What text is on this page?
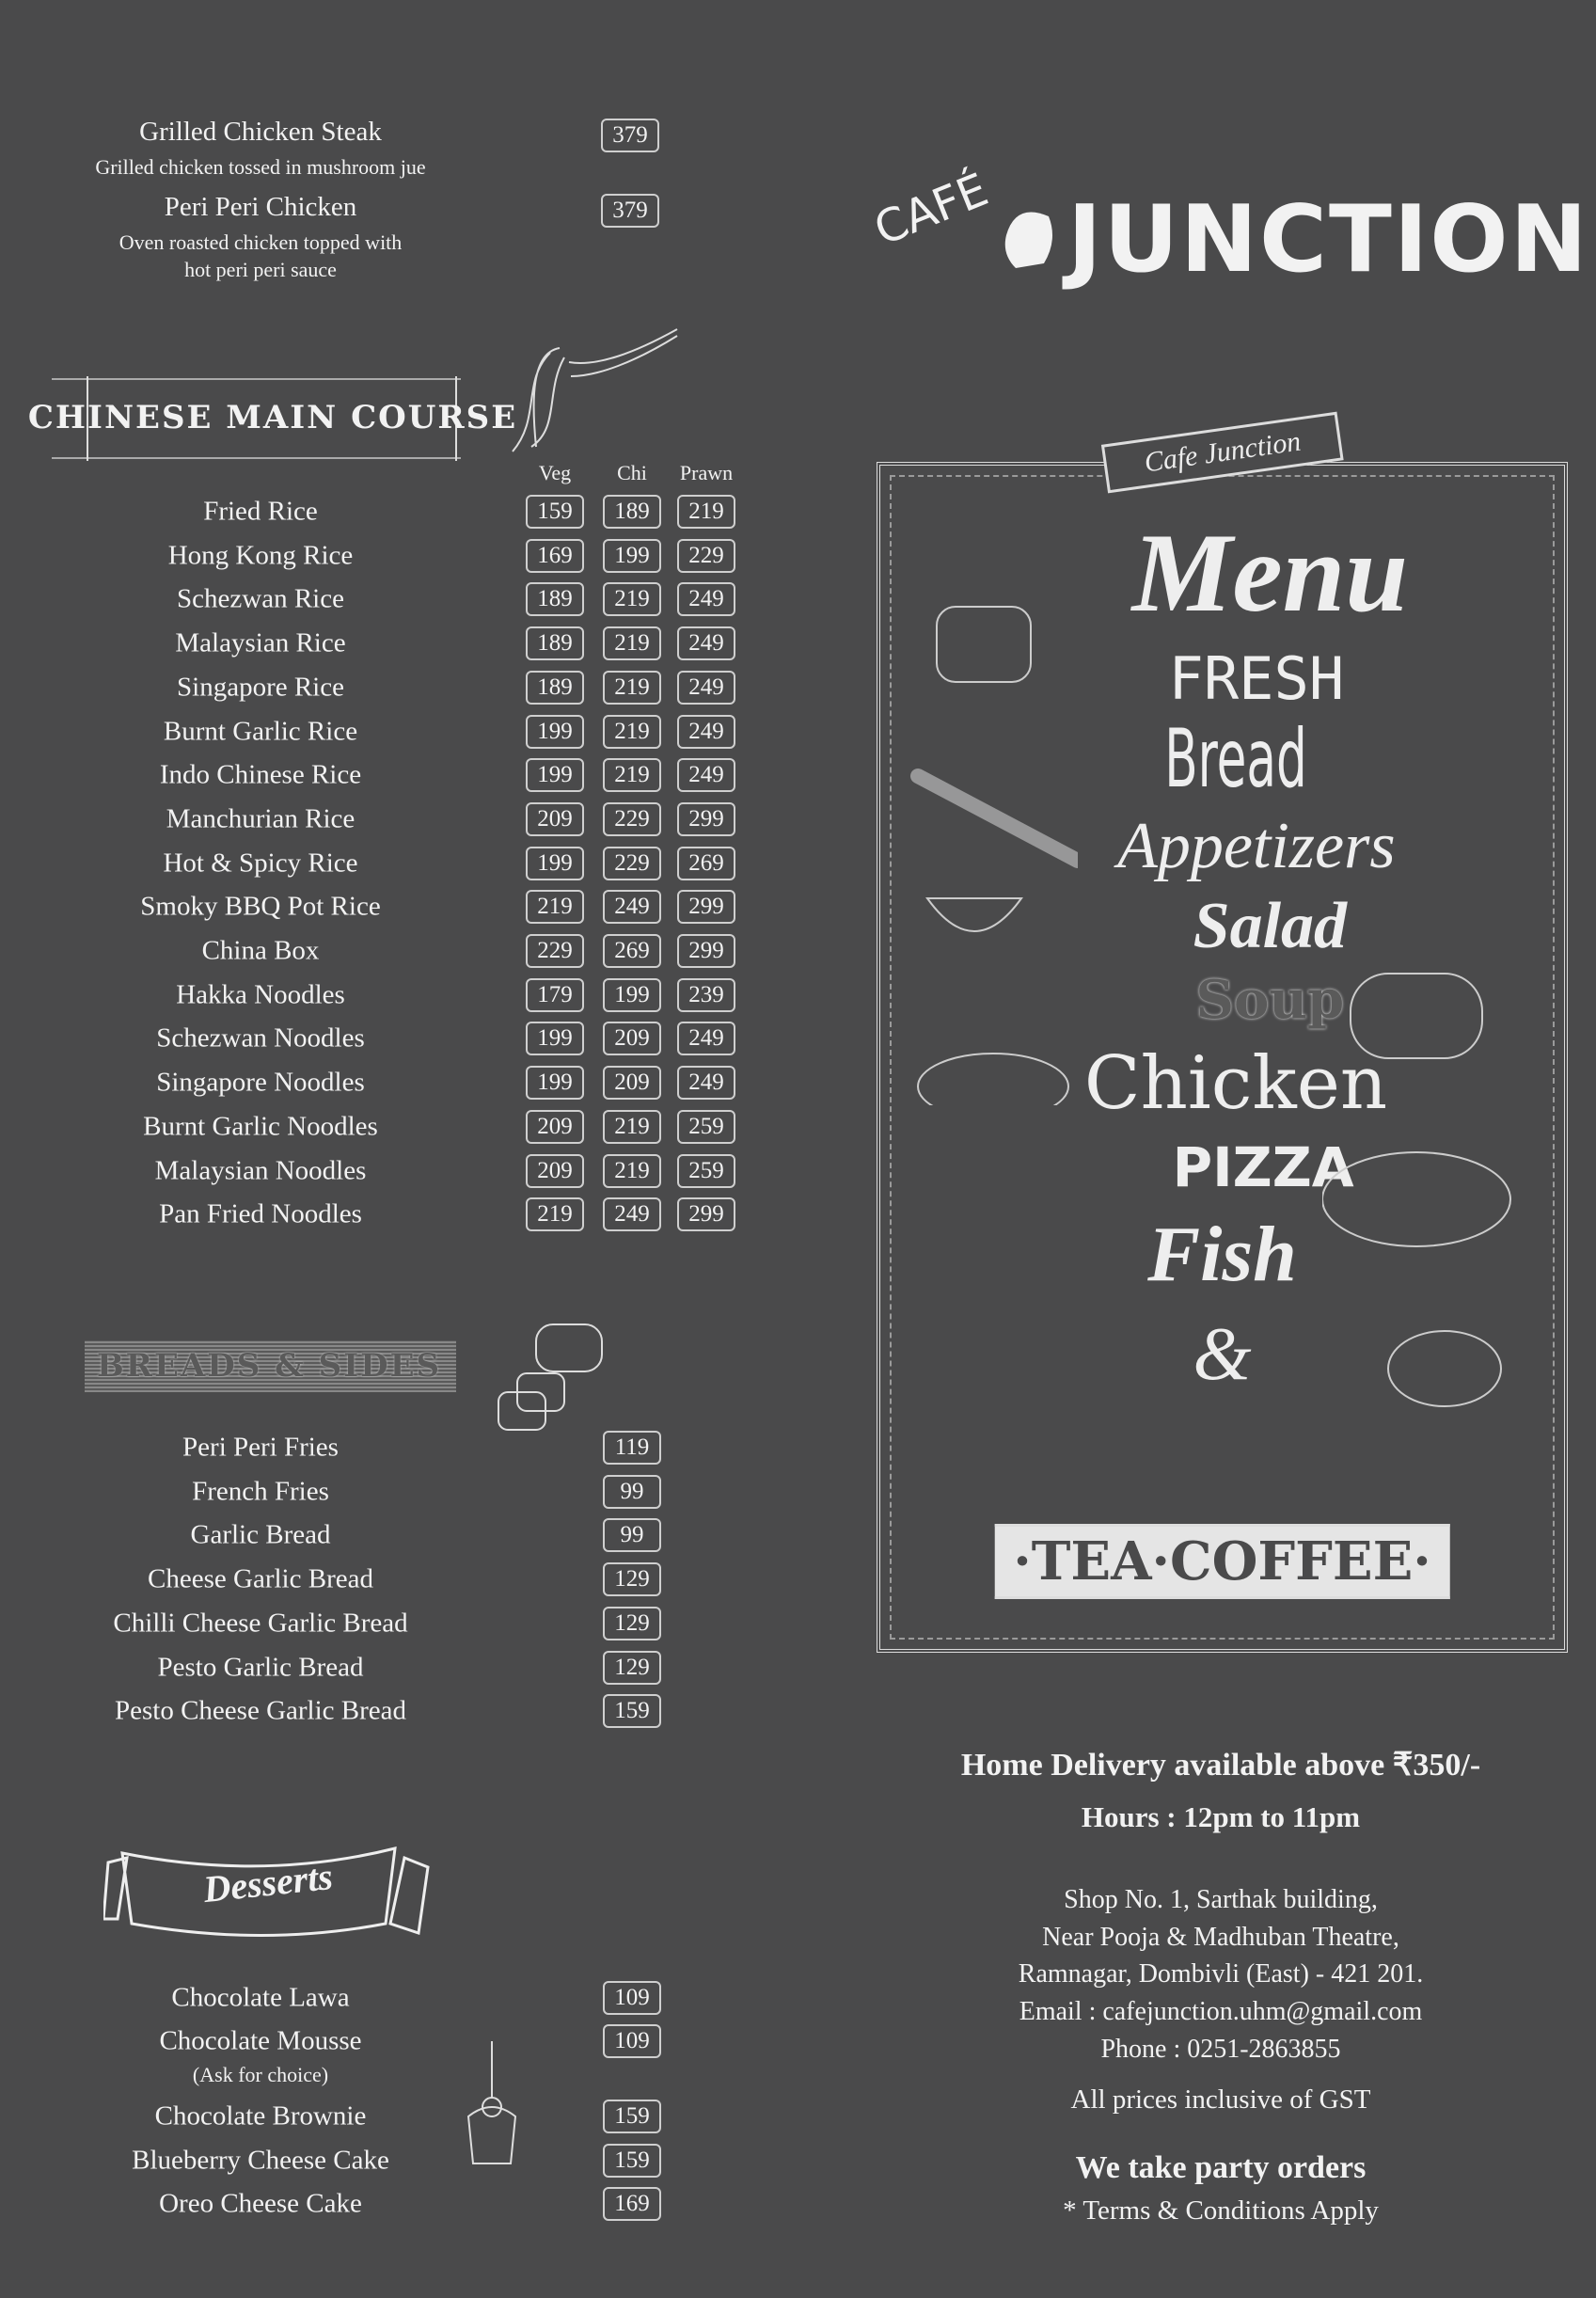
Grilled Chicken Steak
Grilled chicken tossed in mushroom jue
379
Peri Peri Chicken
Oven roasted chicken topped with
hot peri peri sauce
379
CHINESE MAIN COURSE
Veg Chi Prawn
Fried Rice	159	189	219
Hong Kong Rice	169	199	229
Schezwan Rice	189	219	249
Malaysian Rice	189	219	249
Singapore Rice	189	219	249
Burnt Garlic Rice	199	219	249
Indo Chinese Rice	199	219	249
Manchurian Rice	209	229	299
Hot & Spicy Rice	199	229	269
Smoky BBQ Pot Rice	219	249	299
China Box	229	269	299
Hakka Noodles	179	199	239
Schezwan Noodles	199	209	249
Singapore Noodles	199	209	249
Burnt Garlic Noodles	209	219	259
Malaysian Noodles	209	219	259
Pan Fried Noodles	219	249	299
BREADS & SIDES
Peri Peri Fries	119
French Fries	99
Garlic Bread	99
Cheese Garlic Bread	129
Chilli Cheese Garlic Bread	129
Pesto Garlic Bread	129
Pesto Cheese Garlic Bread	159
Desserts
Chocolate Lawa	109
Chocolate Mousse	109
(Ask for choice)
Chocolate Brownie	159
Blueberry Cheese Cake	159
Oreo Cheese Cake	169
CAFÉ JUNCTION
Cafe Junction
Menu
FRESH
Bread
Appetizers
Salad
Soup
Chicken
PIZZA
Fish
&
·TEA·COFFEE·
Home Delivery available above ₹350/-
Hours : 12pm to 11pm
Shop No. 1, Sarthak building,
Near Pooja & Madhuban Theatre,
Ramnagar, Dombivli (East) - 421 201.
Email : cafejunction.uhm@gmail.com
Phone : 0251-2863855
All prices inclusive of GST
We take party orders
* Terms & Conditions Apply
